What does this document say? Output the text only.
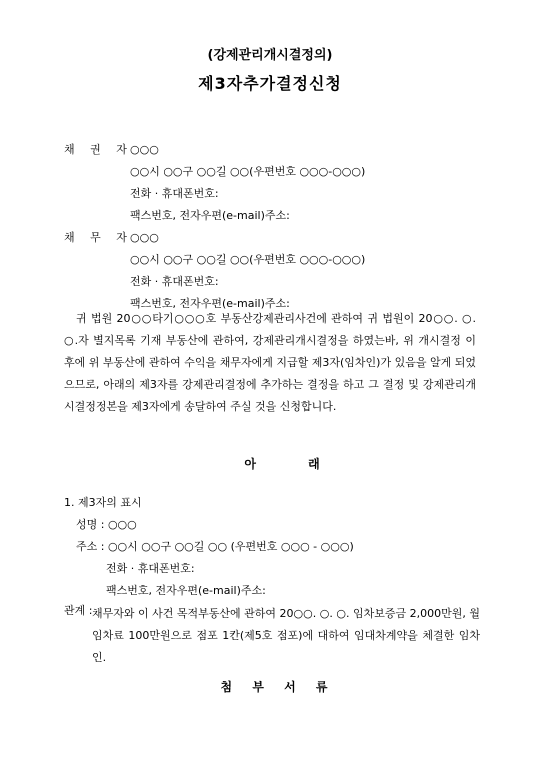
(강제관리개시결정의)
제3자추가결정신청
채 권 자
○○○
○○시 ○○구 ○○길 ○○(우편번호 ○○○-○○○)
전화 · 휴대폰번호:
팩스번호, 전자우편(e-mail)주소:
채 무 자
○○○
○○시 ○○구 ○○길 ○○(우편번호 ○○○-○○○)
전화 · 휴대폰번호:
팩스번호, 전자우편(e-mail)주소:
귀 법원 20○○타기○○○호 부동산강제관리사건에 관하여 귀 법원이 20○○. ○. ○.자 별지목록 기재 부동산에 관하여, 강제관리개시결정을 하였는바, 위 개시결정 이후에 위 부동산에 관하여 수익을 채무자에게 지급할 제3자(임차인)가 있음을 알게 되었으므로, 아래의 제3자를 강제관리결정에 추가하는 결정을 하고 그 결정 및 강제관리개시결정정본을 제3자에게 송달하여 주실 것을 신청합니다.
아 래
1. 제3자의 표시
성명 : ○○○
주소 : ○○시 ○○구 ○○길 ○○ (우편번호 ○○○ - ○○○)
전화 · 휴대폰번호:
팩스번호, 전자우편(e-mail)주소:
관계 : 채무자와 이 사건 목적부동산에 관하여 20○○. ○. ○. 임차보증금 2,000만원, 월 임차료 100만원으로 점포 1칸(제5호 점포)에 대하여 임대차계약을 체결한 임차인.
첨 부 서 류
